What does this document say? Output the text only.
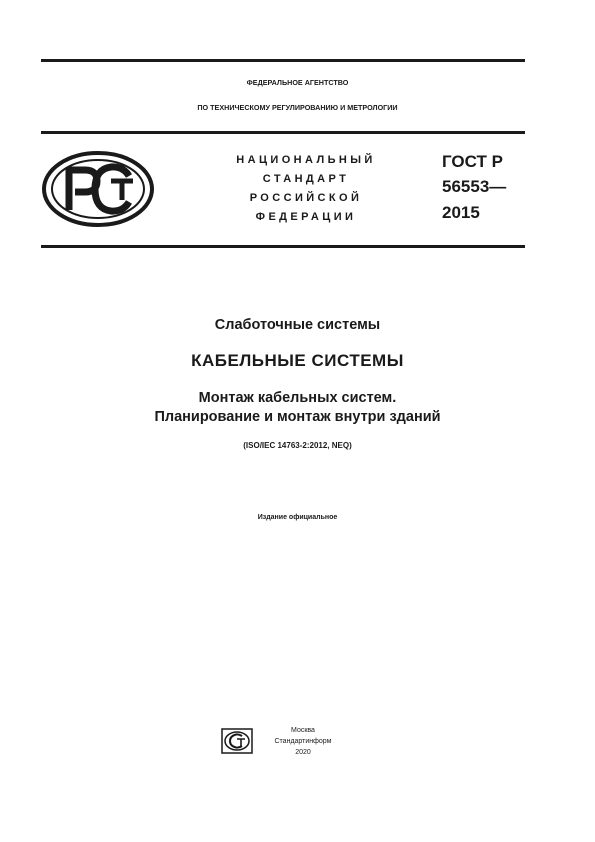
ФЕДЕРАЛЬНОЕ АГЕНТСТВО
ПО ТЕХНИЧЕСКОМУ РЕГУЛИРОВАНИЮ И МЕТРОЛОГИИ
НАЦИОНАЛЬНЫЙ
СТАНДАРТ
РОССИЙСКОЙ
ФЕДЕРАЦИИ
ГОСТ Р
56553—
2015
Слаботочные системы
КАБЕЛЬНЫЕ СИСТЕМЫ
Монтаж кабельных систем.
Планирование и монтаж внутри зданий
(ISO/IEC 14763-2:2012, NEQ)
Издание официальное
Москва
Стандартинформ
2020
